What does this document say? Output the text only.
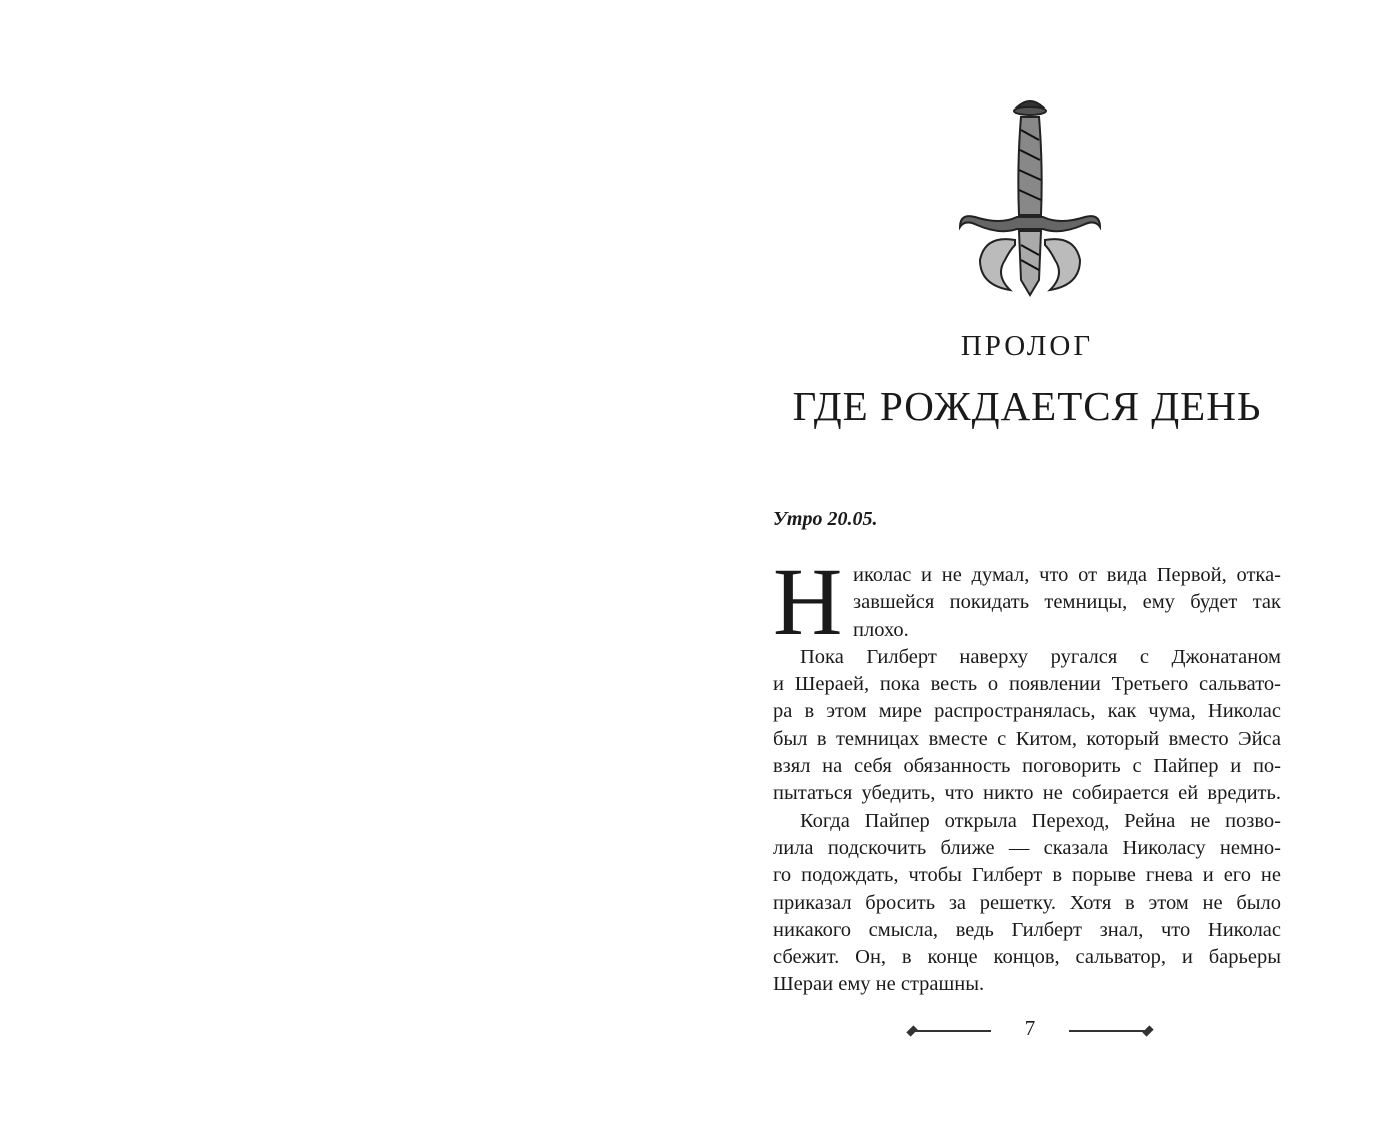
ПРОЛОГ
ГДЕ РОЖДАЕТСЯ ДЕНЬ
Утро 20.05.
Н иколас и не думал, что от вида Первой, отка-
завшейся покидать темницы, ему будет так
плохо.
Пока Гилберт наверху ругался с Джонатаном
и Шераей, пока весть о появлении Третьего сальвато-
ра в этом мире распространялась, как чума, Николас
был в темницах вместе с Китом, который вместо Эйса
взял на себя обязанность поговорить с Пайпер и по-
пытаться убедить, что никто не собирается ей вредить.
Когда Пайпер открыла Переход, Рейна не позво-
лила подскочить ближе — сказала Николасу немно-
го подождать, чтобы Гилберт в порыве гнева и его не
приказал бросить за решетку. Хотя в этом не было
никакого смысла, ведь Гилберт знал, что Николас
сбежит. Он, в конце концов, сальватор, и барьеры
Шераи ему не страшны.
7
